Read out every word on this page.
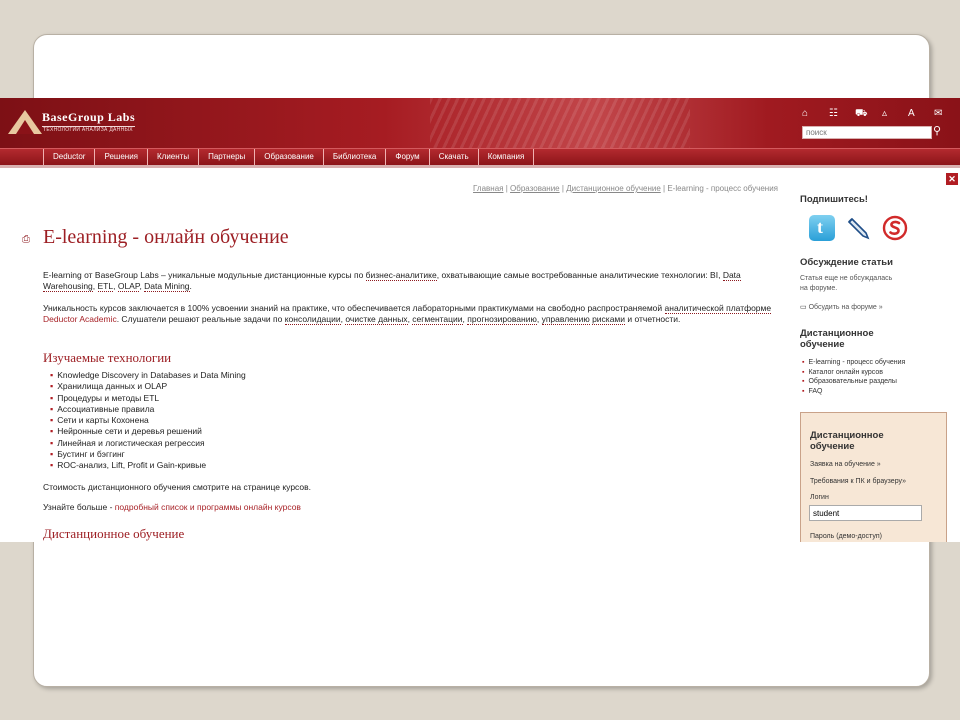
BaseGroup Labs
ТЕХНОЛОГИИ АНАЛИЗА ДАННЫХ
⌂ ☷ ⛟ ▵ A ✉
поиск	⚲
Deductor	Решения	Клиенты	Партнеры	Образование	Библиотека	Форум	Скачать	Компания
Главная | Образование | Дистанционное обучение | E-learning - процесс обучения
⎙ E-learning - онлайн обучение
E-learning от BaseGroup Labs – уникальные модульные дистанционные курсы по бизнес-аналитике, охватывающие самые востребованные аналитические технологии: BI, Data Warehousing, ETL, OLAP, Data Mining.
Уникальность курсов заключается в 100% усвоении знаний на практике, что обеспечивается лабораторными практикумами на свободно распространяемой аналитической платформе Deductor Academic. Слушатели решают реальные задачи по консолидации, очистке данных, сегментации, прогнозированию, управлению рисками и отчетности.
Изучаемые технологии
▪ Knowledge Discovery in Databases и Data Mining
▪ Хранилища данных и OLAP
▪ Процедуры и методы ETL
▪ Ассоциативные правила
▪ Сети и карты Кохонена
▪ Нейронные сети и деревья решений
▪ Линейная и логистическая регрессия
▪ Бустинг и бэггинг
▪ ROC-анализ, Lift, Profit и Gain-кривые
Стоимость дистанционного обучения смотрите на странице курсов.
Узнайте больше - подробный список и программы онлайн курсов
Дистанционное обучение
✕
Подпишитесь!
t
Обсуждение статьи
Статья еще не обсуждалась на форуме.
▭ Обсудить на форуме »
Дистанционное обучение
▪ E-learning - процесс обучения
▪ Каталог онлайн курсов
▪ Образовательные разделы
▪ FAQ
Дистанционное обучение
Заявка на обучение »
Требования к ПК и браузеру»
Логин
student
Пароль (демо-доступ)
